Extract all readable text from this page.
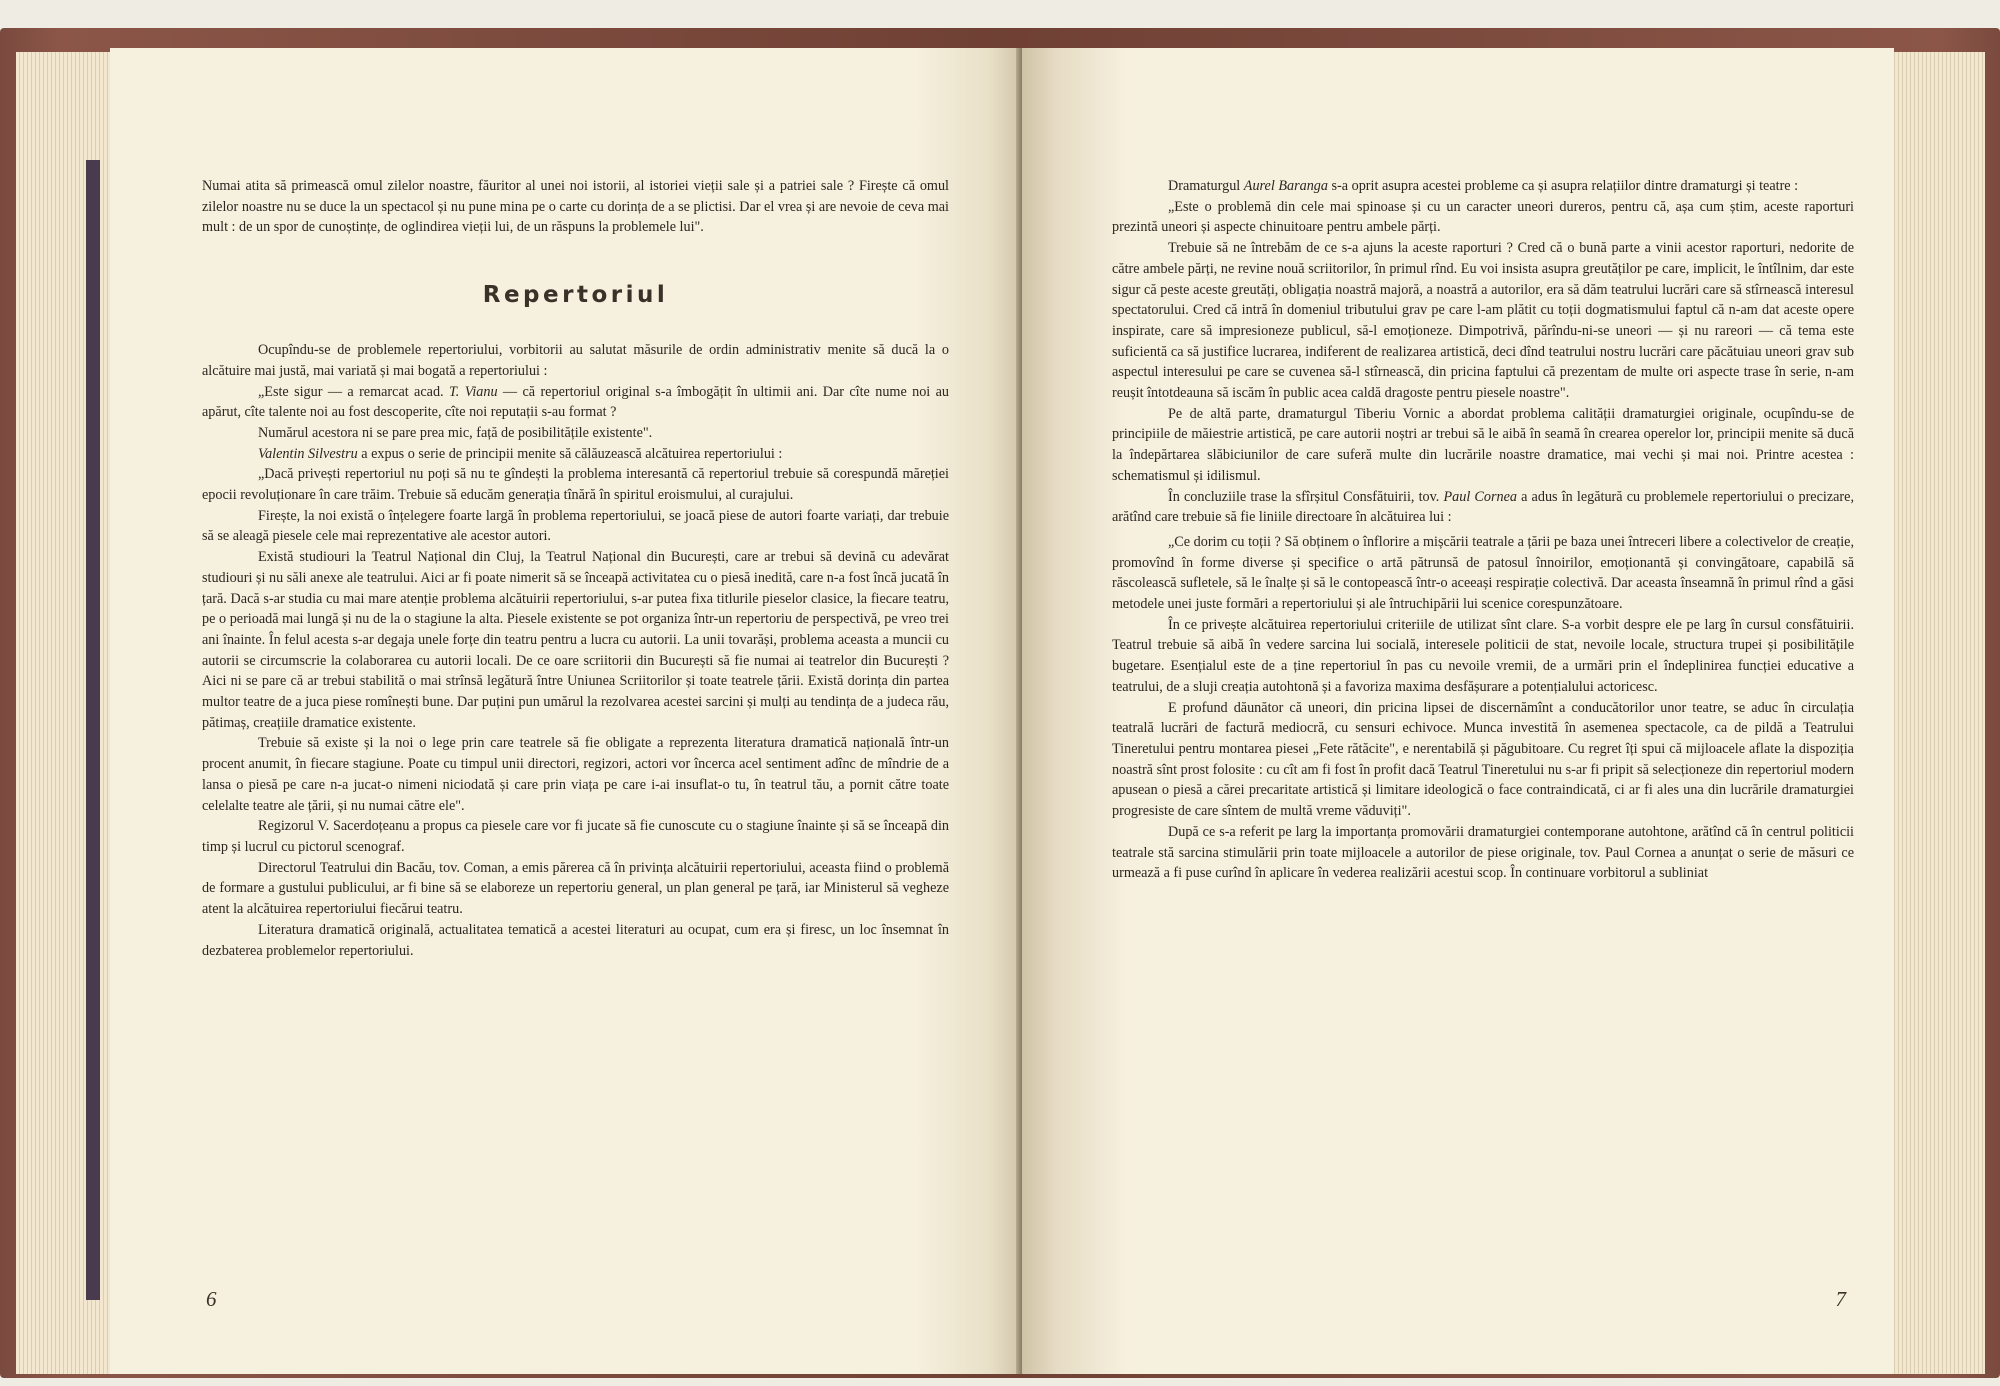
Numai atita să primească omul zilelor noastre, făuritor al unei noi istorii, al istoriei vieții sale și a patriei sale ? Firește că omul zilelor noastre nu se duce la un spectacol și nu pune mina pe o carte cu dorința de a se plictisi. Dar el vrea și are nevoie de ceva mai mult : de un spor de cunoștințe, de oglindirea vieții lui, de un răspuns la problemele lui".

Repertoriul

Ocupîndu-se de problemele repertoriului, vorbitorii au salutat măsurile de ordin administrativ menite să ducă la o alcătuire mai justă, mai variată și mai bogată a repertoriului :

„Este sigur — a remarcat acad. T. Vianu — că repertoriul original s-a îmbogățit în ultimii ani. Dar cîte nume noi au apărut, cîte talente noi au fost descoperite, cîte noi reputații s-au format ?

Numărul acestora ni se pare prea mic, față de posibilitățile existente".

Valentin Silvestru a expus o serie de principii menite să călăuzească alcătuirea repertoriului :

„Dacă privești repertoriul nu poți să nu te gîndești la problema interesantă că repertoriul trebuie să corespundă măreției epocii revoluționare în care trăim. Trebuie să educăm generația tînără în spiritul eroismului, al curajului.

Firește, la noi există o înțelegere foarte largă în problema repertoriului, se joacă piese de autori foarte variați, dar trebuie să se aleagă piesele cele mai reprezentative ale acestor autori.

Există studiouri la Teatrul Național din Cluj, la Teatrul Național din București, care ar trebui să devină cu adevărat studiouri și nu săli anexe ale teatrului. Aici ar fi poate nimerit să se înceapă activitatea cu o piesă inedită, care n-a fost încă jucată în țară. Dacă s-ar studia cu mai mare atenție problema alcătuirii repertoriului, s-ar putea fixa titlurile pieselor clasice, la fiecare teatru, pe o perioadă mai lungă și nu de la o stagiune la alta. Piesele existente se pot organiza într-un repertoriu de perspectivă, pe vreo trei ani înainte. În felul acesta s-ar degaja unele forțe din teatru pentru a lucra cu autorii. La unii tovarăși, problema aceasta a muncii cu autorii se circumscrie la colaborarea cu autorii locali. De ce oare scriitorii din București să fie numai ai teatrelor din București ? Aici ni se pare că ar trebui stabilită o mai strînsă legătură între Uniunea Scriitorilor și toate teatrele țării. Există dorința din partea multor teatre de a juca piese romînești bune. Dar puțini pun umărul la rezolvarea acestei sarcini și mulți au tendința de a judeca rău, pătimaș, creațiile dramatice existente.

Trebuie să existe și la noi o lege prin care teatrele să fie obligate a reprezenta literatura dramatică națională într-un procent anumit, în fiecare stagiune. Poate cu timpul unii directori, regizori, actori vor încerca acel sentiment adînc de mîndrie de a lansa o piesă pe care n-a jucat-o nimeni niciodată și care prin viața pe care i-ai insuflat-o tu, în teatrul tău, a pornit către toate celelalte teatre ale țării, și nu numai către ele".

Regizorul V. Sacerdoțeanu a propus ca piesele care vor fi jucate să fie cunoscute cu o stagiune înainte și să se înceapă din timp și lucrul cu pictorul scenograf.

Directorul Teatrului din Bacău, tov. Coman, a emis părerea că în privința alcătuirii repertoriului, aceasta fiind o problemă de formare a gustului publicului, ar fi bine să se elaboreze un repertoriu general, un plan general pe țară, iar Ministerul să vegheze atent la alcătuirea repertoriului fiecărui teatru.

Literatura dramatică originală, actualitatea tematică a acestei literaturi au ocupat, cum era și firesc, un loc însemnat în dezbaterea problemelor repertoriului.

6

Dramaturgul Aurel Baranga s-a oprit asupra acestei probleme ca și asupra relațiilor dintre dramaturgi și teatre :

„Este o problemă din cele mai spinoase și cu un caracter uneori dureros, pentru că, așa cum știm, aceste raporturi prezintă uneori și aspecte chinuitoare pentru ambele părți.

Trebuie să ne întrebăm de ce s-a ajuns la aceste raporturi ? Cred că o bună parte a vinii acestor raporturi, nedorite de către ambele părți, ne revine nouă scriitorilor, în primul rînd. Eu voi insista asupra greutăților pe care, implicit, le întîlnim, dar este sigur că peste aceste greutăți, obligația noastră majoră, a noastră a autorilor, era să dăm teatrului lucrări care să stîrnească interesul spectatorului. Cred că intră în domeniul tributului grav pe care l-am plătit cu toții dogmatismului faptul că n-am dat aceste opere inspirate, care să impresioneze publicul, să-l emoționeze. Dimpotrivă, părîndu-ni-se uneori — și nu rareori — că tema este suficientă ca să justifice lucrarea, indiferent de realizarea artistică, deci dînd teatrului nostru lucrări care păcătuiau uneori grav sub aspectul interesului pe care se cuvenea să-l stîrnească, din pricina faptului că prezentam de multe ori aspecte trase în serie, n-am reușit întotdeauna să iscăm în public acea caldă dragoste pentru piesele noastre".

Pe de altă parte, dramaturgul Tiberiu Vornic a abordat problema calității dramaturgiei originale, ocupîndu-se de principiile de măiestrie artistică, pe care autorii noștri ar trebui să le aibă în seamă în crearea operelor lor, principii menite să ducă la îndepărtarea slăbiciunilor de care suferă multe din lucrările noastre dramatice, mai vechi și mai noi. Printre acestea : schematismul și idilismul.

În concluziile trase la sfîrșitul Consfătuirii, tov. Paul Cornea a adus în legătură cu problemele repertoriului o precizare, arătînd care trebuie să fie liniile directoare în alcătuirea lui :

„Ce dorim cu toții ? Să obținem o înflorire a mișcării teatrale a țării pe baza unei întreceri libere a colectivelor de creație, promovînd în forme diverse și specifice o artă pătrunsă de patosul înnoirilor, emoționantă și convingătoare, capabilă să răscolească sufletele, să le înalțe și să le contopească într-o aceeași respirație colectivă. Dar aceasta înseamnă în primul rînd a găsi metodele unei juste formări a repertoriului și ale întruchipării lui scenice corespunzătoare.

În ce privește alcătuirea repertoriului criteriile de utilizat sînt clare. S-a vorbit despre ele pe larg în cursul consfătuirii. Teatrul trebuie să aibă în vedere sarcina lui socială, interesele politicii de stat, nevoile locale, structura trupei și posibilitățile bugetare. Esențialul este de a ține repertoriul în pas cu nevoile vremii, de a urmări prin el îndeplinirea funcției educative a teatrului, de a sluji creația autohtonă și a favoriza maxima desfășurare a potențialului actoricesc.

E profund dăunător că uneori, din pricina lipsei de discernămînt a conducătorilor unor teatre, se aduc în circulația teatrală lucrări de factură mediocră, cu sensuri echivoce. Munca investită în asemenea spectacole, ca de pildă a Teatrului Tineretului pentru montarea piesei „Fete rătăcite", e nerentabilă și păgubitoare. Cu regret îți spui că mijloacele aflate la dispoziția noastră sînt prost folosite : cu cît am fi fost în profit dacă Teatrul Tineretului nu s-ar fi pripit să selecționeze din repertoriul modern apusean o piesă a cărei precaritate artistică și limitare ideologică o face contraindicată, ci ar fi ales una din lucrările dramaturgiei progresiste de care sîntem de multă vreme văduviți".

După ce s-a referit pe larg la importanța promovării dramaturgiei contemporane autohtone, arătînd că în centrul politicii teatrale stă sarcina stimulării prin toate mijloacele a autorilor de piese originale, tov. Paul Cornea a anunțat o serie de măsuri ce urmează a fi puse curînd în aplicare în vederea realizării acestui scop. În continuare vorbitorul a subliniat

7
